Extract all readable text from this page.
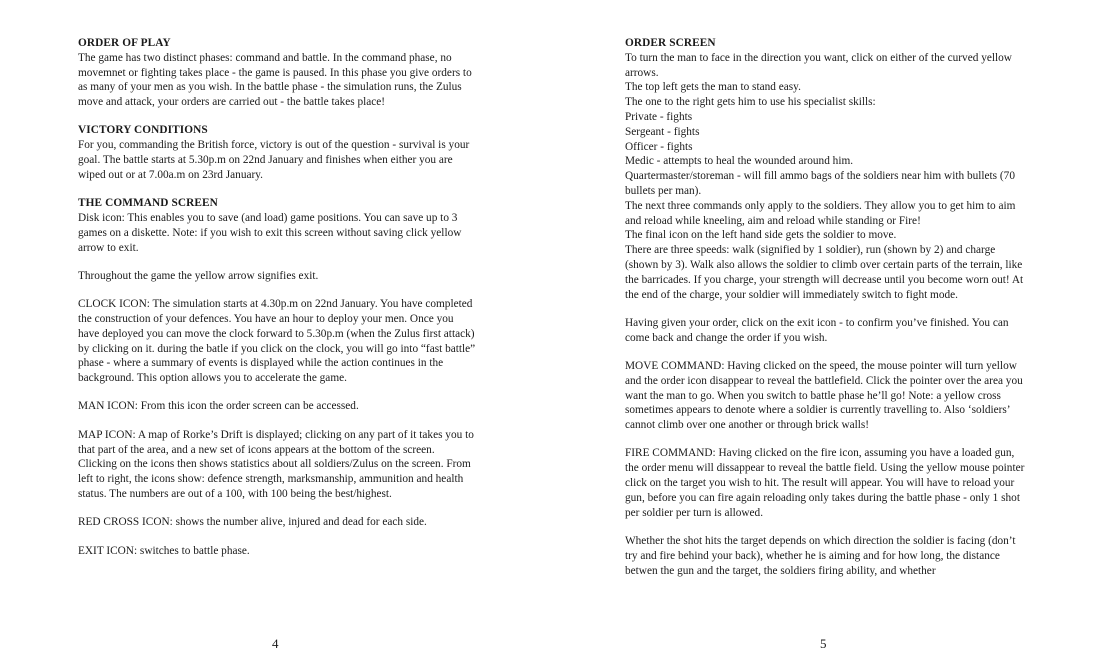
ORDER OF PLAY
The game has two distinct phases: command and battle. In the command phase, no movemnet or fighting takes place - the game is paused. In this phase you give orders to as many of your men as you wish. In the battle phase - the simulation runs, the Zulus move and attack, your orders are carried out - the battle takes place!

VICTORY CONDITIONS
For you, commanding the British force, victory is out of the question - survival is your goal. The battle starts at 5.30p.m on 22nd January and finishes when either you are wiped out or at 7.00a.m on 23rd January.

THE COMMAND SCREEN
Disk icon: This enables you to save (and load) game positions. You can save up to 3 games on a diskette. Note: if you wish to exit this screen without saving click yellow arrow to exit.

Throughout the game the yellow arrow signifies exit.

CLOCK ICON: The simulation starts at 4.30p.m on 22nd January. You have completed the construction of your defences. You have an hour to deploy your men. Once you have deployed you can move the clock forward to 5.30p.m (when the Zulus first attack) by clicking on it. during the batle if you click on the clock, you will go into “fast battle” phase - where a summary of events is displayed while the action continues in the background. This option allows you to accelerate the game.

MAN ICON: From this icon the order screen can be accessed.

MAP ICON: A map of Rorke’s Drift is displayed; clicking on any part of it takes you to that part of the area, and a new set of icons appears at the bottom of the screen. Clicking on the icons then shows statistics about all soldiers/Zulus on the screen. From left to right, the icons show: defence strength, marksmanship, ammunition and health status. The numbers are out of a 100, with 100 being the best/highest.

RED CROSS ICON: shows the number alive, injured and dead for each side.

EXIT ICON: switches to battle phase.

4

ORDER SCREEN
To turn the man to face in the direction you want, click on either of the curved yellow arrows.
The top left gets the man to stand easy.
The one to the right gets him to use his specialist skills:
Private - fights
Sergeant - fights
Officer - fights
Medic - attempts to heal the wounded around him.
Quartermaster/storeman - will fill ammo bags of the soldiers near him with bullets (70 bullets per man).
The next three commands only apply to the soldiers. They allow you to get him to aim and reload while kneeling, aim and reload while standing or Fire!
The final icon on the left hand side gets the soldier to move.
There are three speeds: walk (signified by 1 soldier), run (shown by 2) and charge (shown by 3). Walk also allows the soldier to climb over certain parts of the terrain, like the barricades. If you charge, your strength will decrease until you become worn out! At the end of the charge, your soldier will immediately switch to fight mode.

Having given your order, click on the exit icon - to confirm you’ve finished. You can come back and change the order if you wish.

MOVE COMMAND: Having clicked on the speed, the mouse pointer will turn yellow and the order icon disappear to reveal the battlefield. Click the pointer over the area you want the man to go. When you switch to battle phase he’ll go! Note: a yellow cross sometimes appears to denote where a soldier is currently travelling to. Also ‘soldiers’ cannot climb over one another or through brick walls!

FIRE COMMAND: Having clicked on the fire icon, assuming you have a loaded gun, the order menu will dissappear to reveal the battle field. Using the yellow mouse pointer click on the target you wish to hit. The result will appear. You will have to reload your gun, before you can fire again reloading only takes during the battle phase - only 1 shot per soldier per turn is allowed.

Whether the shot hits the target depends on which direction the soldier is facing (don’t try and fire behind your back), whether he is aiming and for how long, the distance betwen the gun and the target, the soldiers firing ability, and whether

5
